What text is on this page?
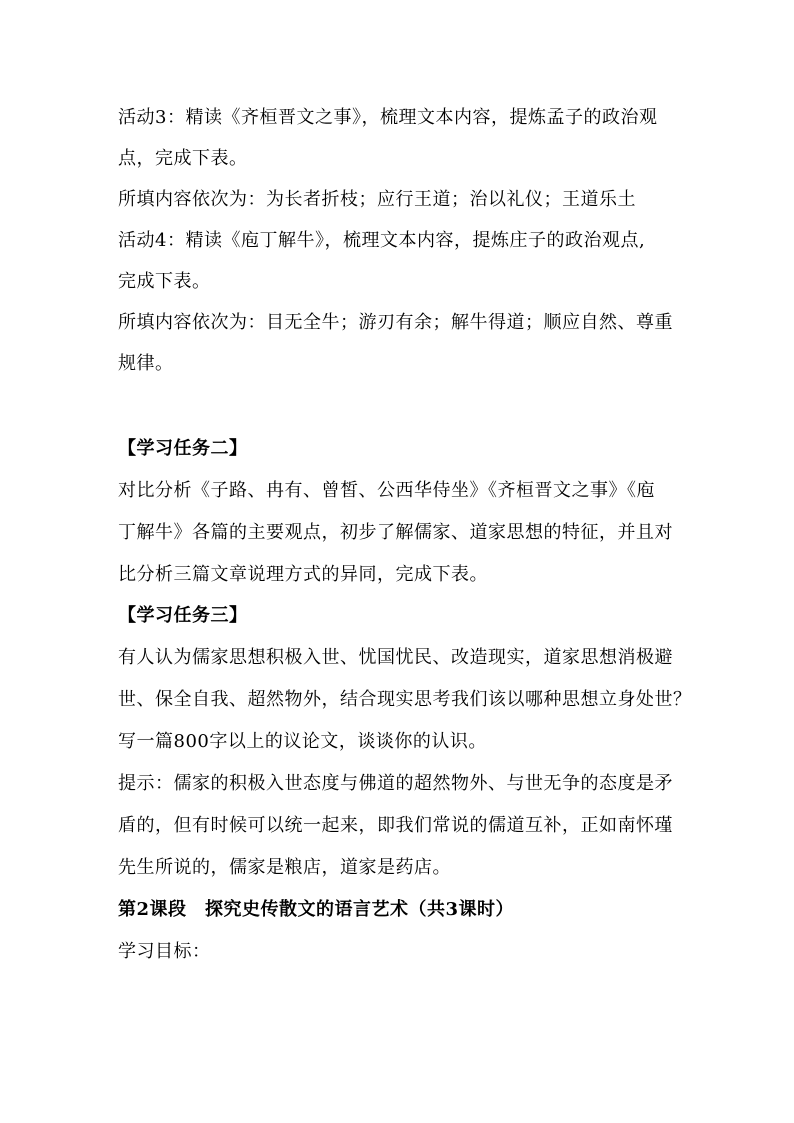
活动3：精读《齐桓晋文之事》，梳理文本内容，提炼孟子的政治观
点，完成下表。
所填内容依次为：为长者折枝；应行王道；治以礼仪；王道乐土
活动4：精读《庖丁解牛》，梳理文本内容，提炼庄子的政治观点,
完成下表。
所填内容依次为：目无全牛；游刃有余；解牛得道；顺应自然、尊重
规律。
【学习任务二】
对比分析《子路、冉有、曾皙、公西华侍坐》《齐桓晋文之事》《庖
丁解牛》各篇的主要观点，初步了解儒家、道家思想的特征，并且对
比分析三篇文章说理方式的异同，完成下表。
【学习任务三】
有人认为儒家思想积极入世、忧国忧民、改造现实，道家思想消极避
世、保全自我、超然物外，结合现实思考我们该以哪种思想立身处世？
写一篇800字以上的议论文，谈谈你的认识。
提示：儒家的积极入世态度与佛道的超然物外、与世无争的态度是矛
盾的，但有时候可以统一起来，即我们常说的儒道互补，正如南怀瑾
先生所说的，儒家是粮店，道家是药店。
第2课段　探究史传散文的语言艺术（共3课时）
学习目标：
